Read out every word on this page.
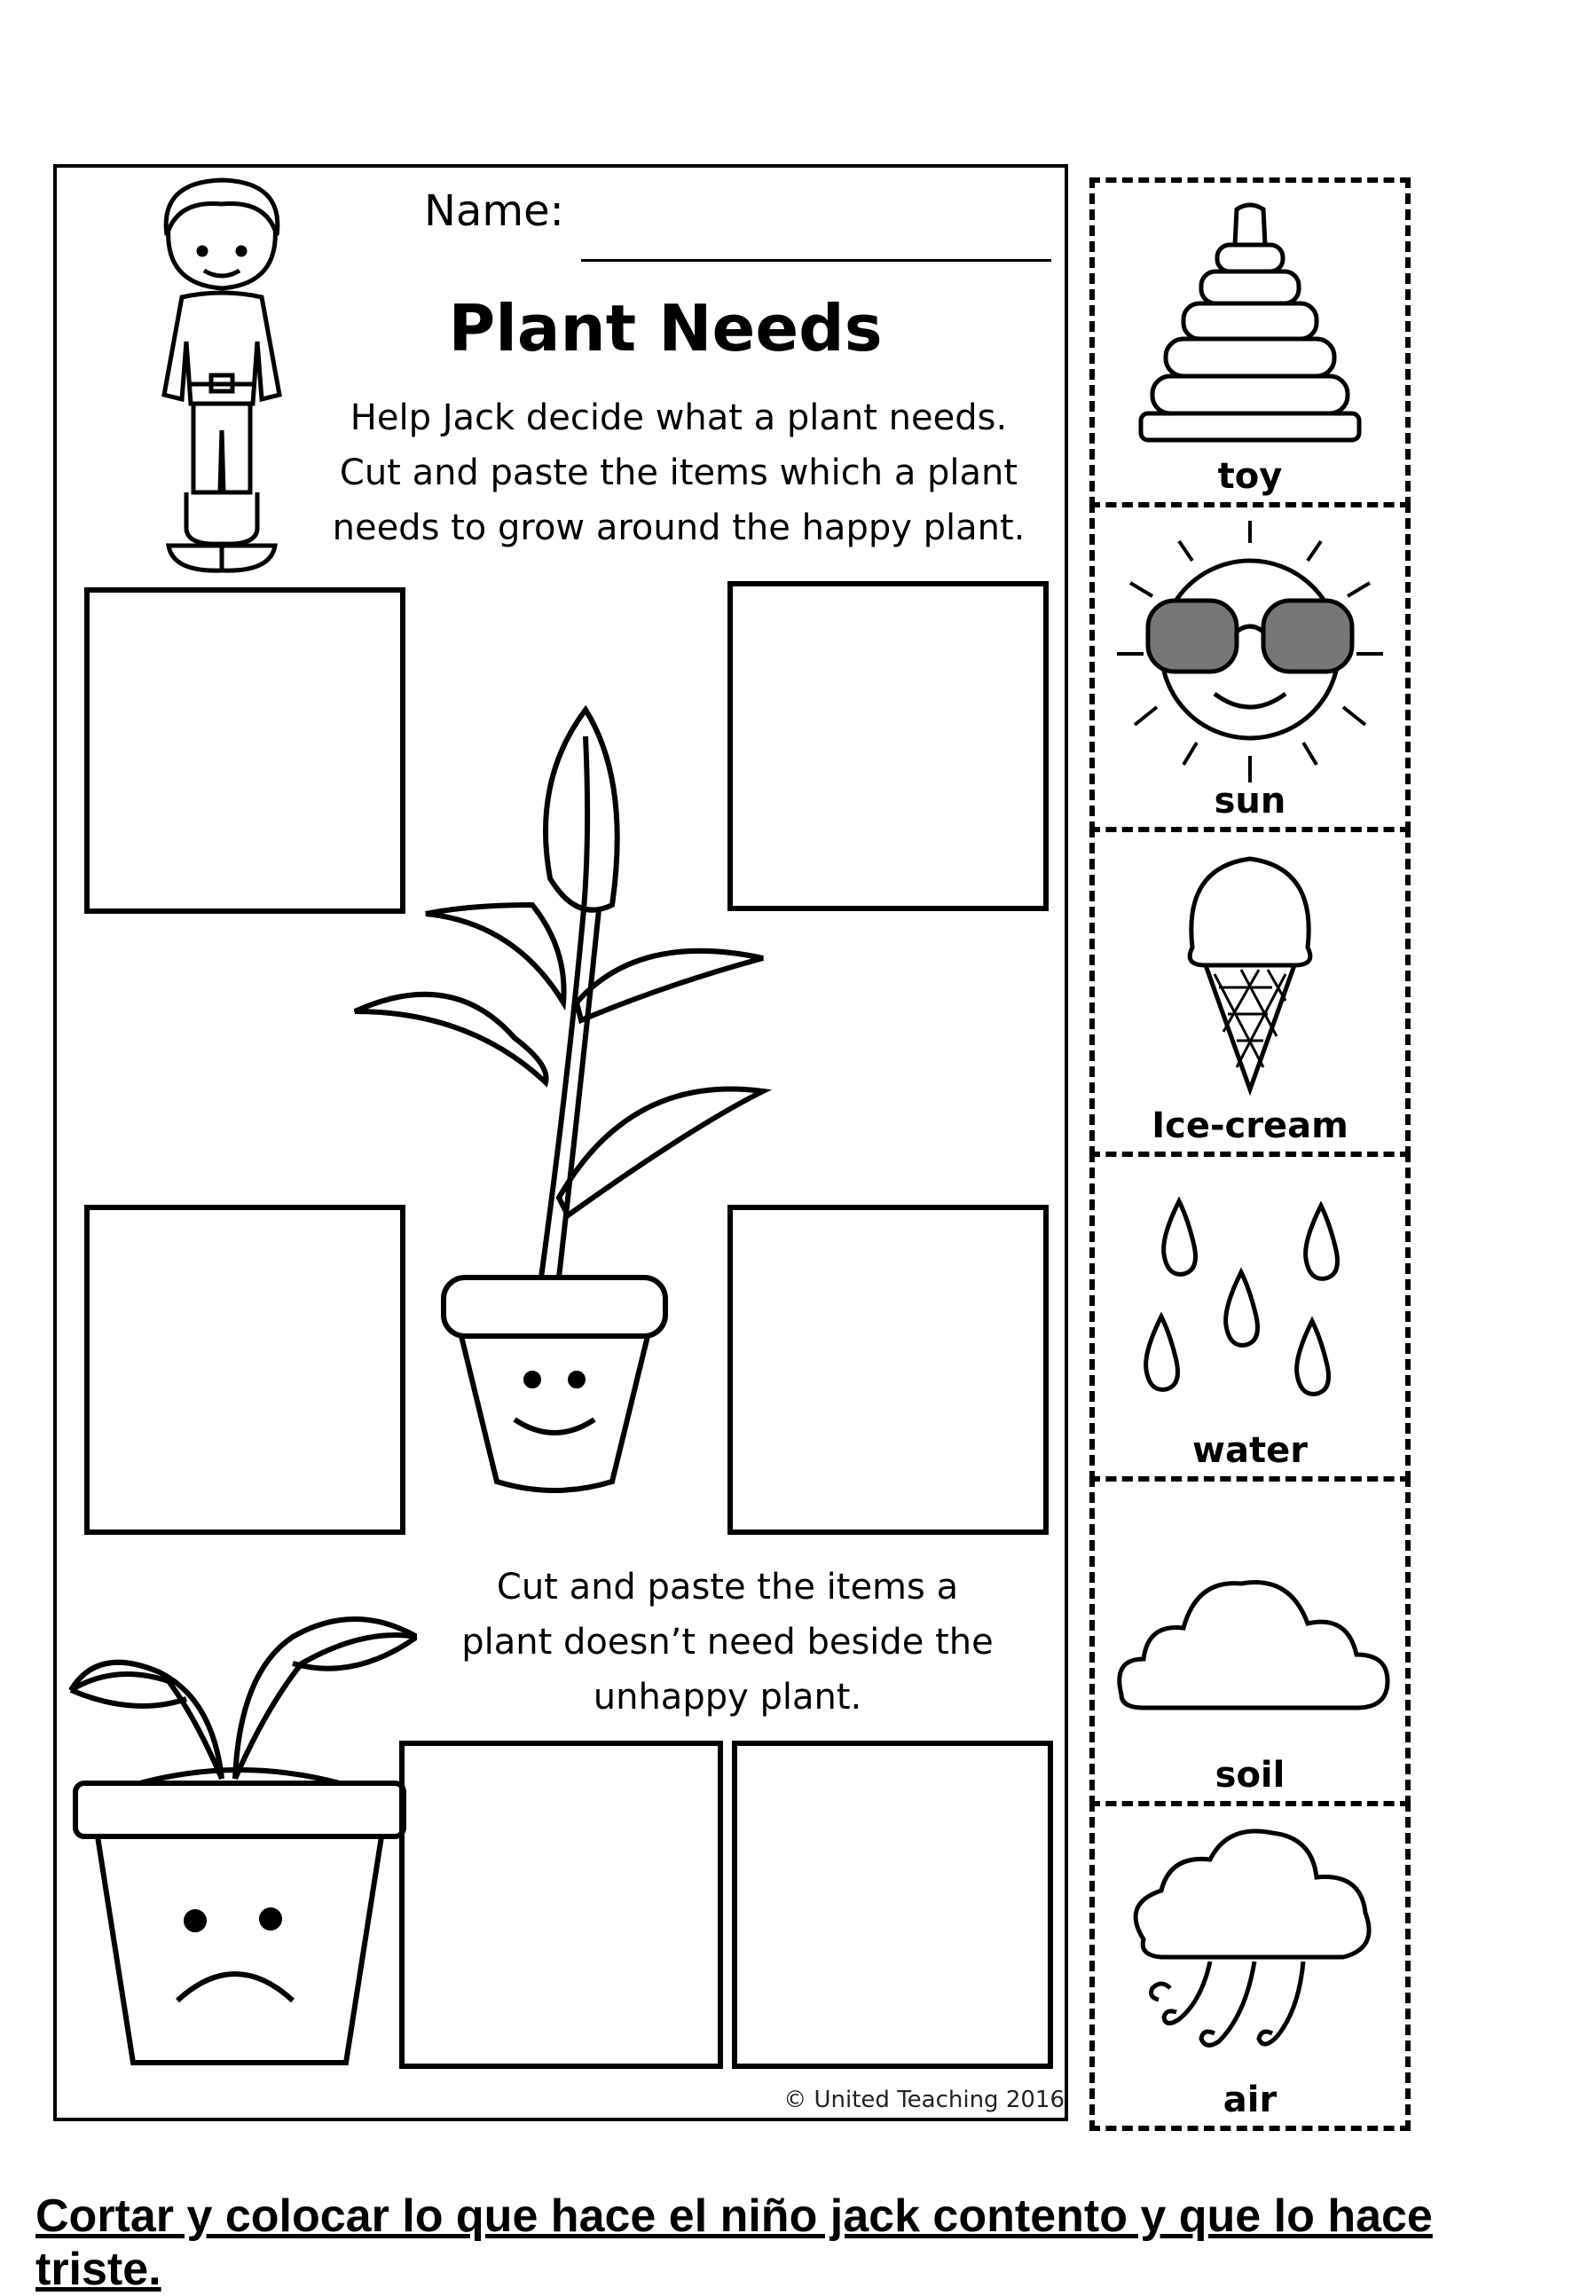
Name:
Plant Needs
Help Jack decide what a plant needs.
Cut and paste the items which a plant
needs to grow around the happy plant.
Cut and paste the items a
plant doesn’t need beside the
unhappy plant.
© United Teaching 2016
toy
sun
Ice-cream
water
soil
air
Cortar y colocar lo que hace el niño jack contento y que lo hace triste.
